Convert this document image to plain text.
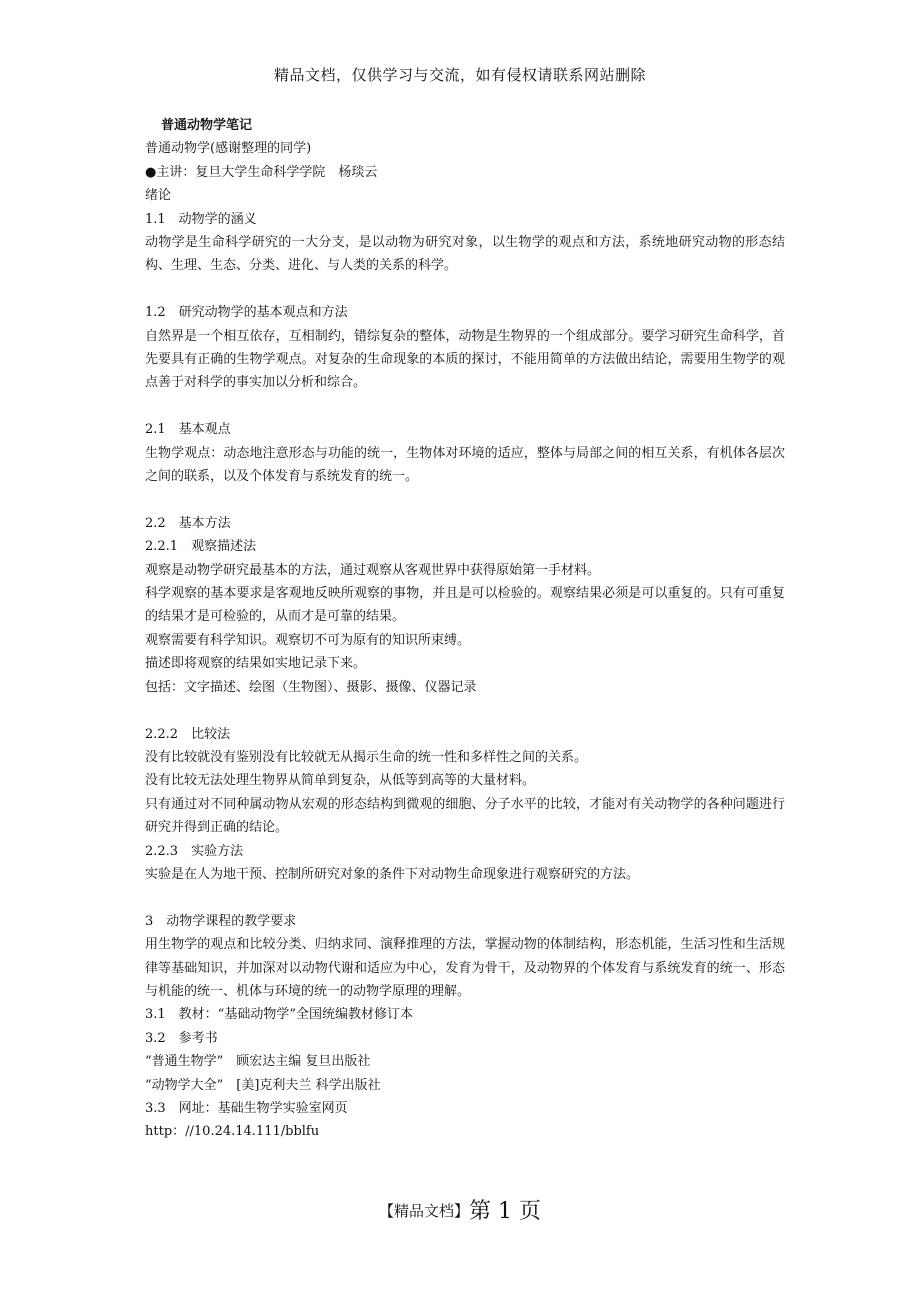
精品文档，仅供学习与交流，如有侵权请联系网站删除
普通动物学笔记
普通动物学(感谢整理的同学)
●主讲：复旦大学生命科学学院　杨琰云
绪论
1.1　动物学的涵义
动物学是生命科学研究的一大分支，是以动物为研究对象，以生物学的观点和方法，系统地研究动物的形态结构、生理、生态、分类、进化、与人类的关系的科学。
1.2　研究动物学的基本观点和方法
自然界是一个相互依存，互相制约，错综复杂的整体，动物是生物界的一个组成部分。要学习研究生命科学，首先要具有正确的生物学观点。对复杂的生命现象的本质的探讨，不能用简单的方法做出结论，需要用生物学的观点善于对科学的事实加以分析和综合。
2.1　基本观点
生物学观点：动态地注意形态与功能的统一，生物体对环境的适应，整体与局部之间的相互关系，有机体各层次之间的联系，以及个体发育与系统发育的统一。
2.2　基本方法
2.2.1　观察描述法
观察是动物学研究最基本的方法，通过观察从客观世界中获得原始第一手材料。
科学观察的基本要求是客观地反映所观察的事物，并且是可以检验的。观察结果必须是可以重复的。只有可重复的结果才是可检验的，从而才是可靠的结果。
观察需要有科学知识。观察切不可为原有的知识所束缚。
描述即将观察的结果如实地记录下来。
包括：文字描述、绘图（生物图）、摄影、摄像、仪器记录
2.2.2　比较法
没有比较就没有鉴别没有比较就无从揭示生命的统一性和多样性之间的关系。
没有比较无法处理生物界从简单到复杂，从低等到高等的大量材料。
只有通过对不同种属动物从宏观的形态结构到微观的细胞、分子水平的比较，才能对有关动物学的各种问题进行研究并得到正确的结论。
2.2.3　实验方法
实验是在人为地干预、控制所研究对象的条件下对动物生命现象进行观察研究的方法。
3　动物学课程的教学要求
用生物学的观点和比较分类、归纳求同、演释推理的方法，掌握动物的体制结构，形态机能，生活习性和生活规律等基础知识，并加深对以动物代谢和适应为中心，发育为骨干，及动物界的个体发育与系统发育的统一、形态与机能的统一、机体与环境的统一的动物学原理的理解。
3.1　教材：“基础动物学”全国统编教材修订本
3.2　参考书
“普通生物学”　顾宏达主编 复旦出版社
“动物学大全”　[美]克利夫兰 科学出版社
3.3　网址：基础生物学实验室网页
http：//10.24.14.111/bblfu
【精品文档】第 1 页
